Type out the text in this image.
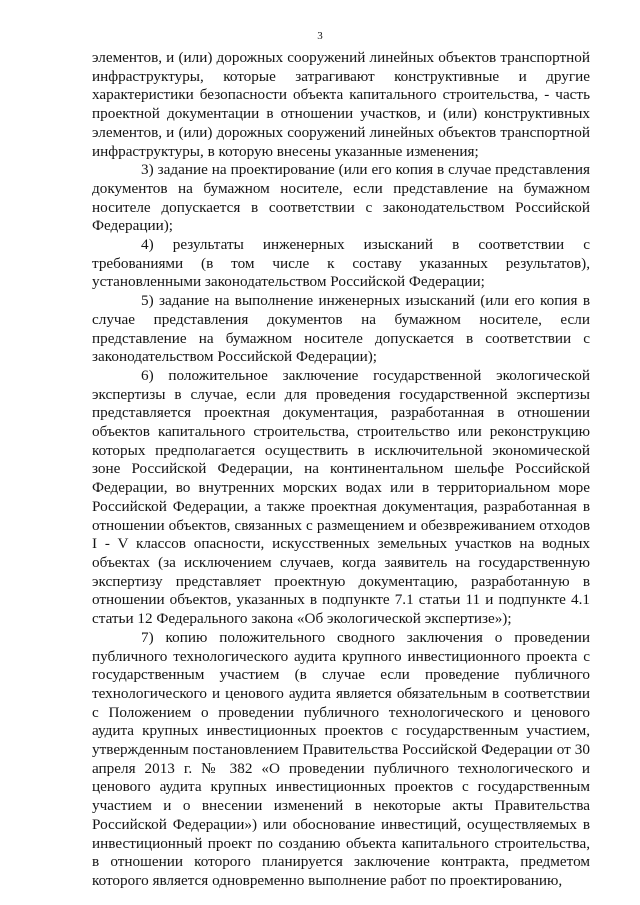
3

элементов, и (или) дорожных сооружений линейных объектов транспортной инфраструктуры, которые затрагивают конструктивные и другие характеристики безопасности объекта капитального строительства, - часть проектной документации в отношении участков, и (или) конструктивных элементов, и (или) дорожных сооружений линейных объектов транспортной инфраструктуры, в которую внесены указанные изменения;

3) задание на проектирование (или его копия в случае представления документов на бумажном носителе, если представление на бумажном носителе допускается в соответствии с законодательством Российской Федерации);

4) результаты инженерных изысканий в соответствии с требованиями (в том числе к составу указанных результатов), установленными законодательством Российской Федерации;

5) задание на выполнение инженерных изысканий (или его копия в случае представления документов на бумажном носителе, если представление на бумажном носителе допускается в соответствии с законодательством Российской Федерации);

6) положительное заключение государственной экологической экспертизы в случае, если для проведения государственной экспертизы представляется проектная документация, разработанная в отношении объектов капитального строительства, строительство или реконструкцию которых предполагается осуществить в исключительной экономической зоне Российской Федерации, на континентальном шельфе Российской Федерации, во внутренних морских водах или в территориальном море Российской Федерации, а также проектная документация, разработанная в отношении объектов, связанных с размещением и обезвреживанием отходов I - V классов опасности, искусственных земельных участков на водных объектах (за исключением случаев, когда заявитель на государственную экспертизу представляет проектную документацию, разработанную в отношении объектов, указанных в подпункте 7.1 статьи 11 и подпункте 4.1 статьи 12 Федерального закона «Об экологической экспертизе»);

7) копию положительного сводного заключения о проведении публичного технологического аудита крупного инвестиционного проекта с государственным участием (в случае если проведение публичного технологического и ценового аудита является обязательным в соответствии с Положением о проведении публичного технологического и ценового аудита крупных инвестиционных проектов с государственным участием, утвержденным постановлением Правительства Российской Федерации от 30 апреля 2013 г. № 382 «О проведении публичного технологического и ценового аудита крупных инвестиционных проектов с государственным участием и о внесении изменений в некоторые акты Правительства Российской Федерации») или обоснование инвестиций, осуществляемых в инвестиционный проект по созданию объекта капитального строительства, в отношении которого планируется заключение контракта, предметом которого является одновременно выполнение работ по проектированию,
